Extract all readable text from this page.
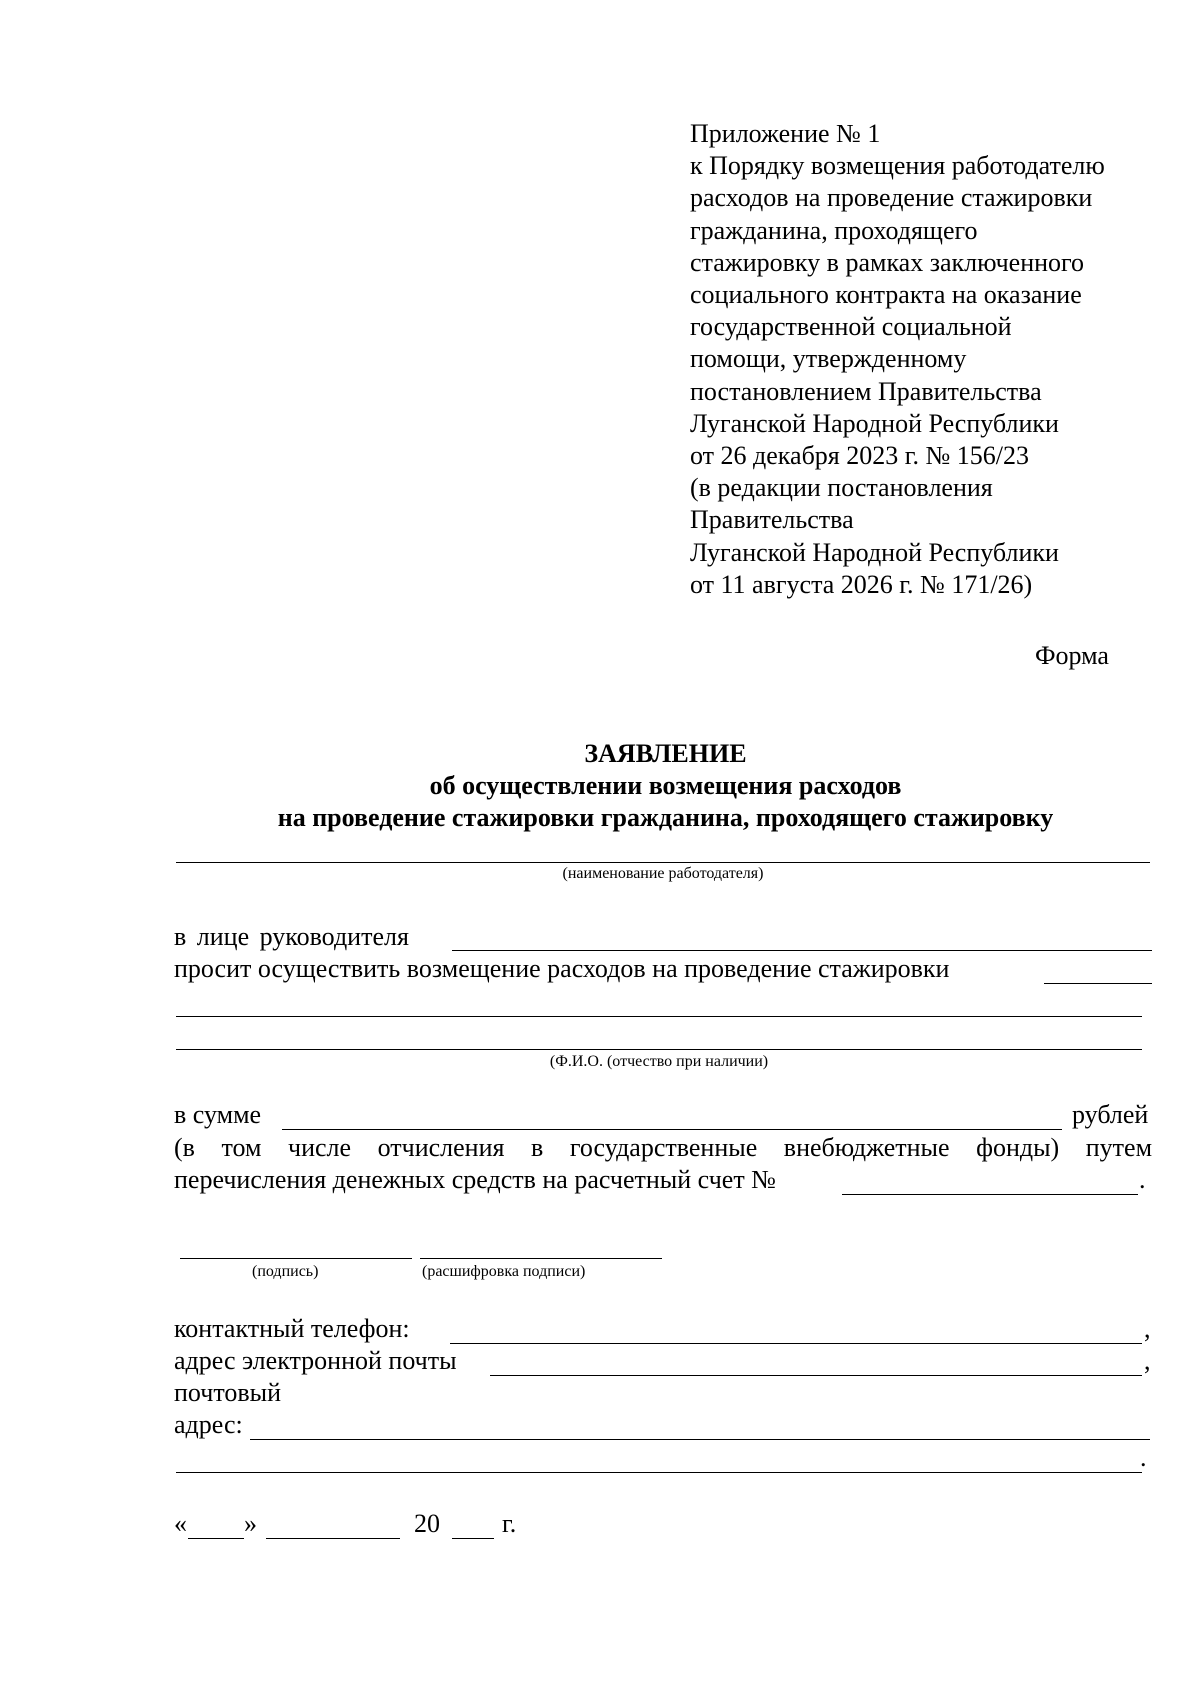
Приложение № 1
к Порядку возмещения работодателю
расходов на проведение стажировки
гражданина, проходящего
стажировку в рамках заключенного
социального контракта на оказание
государственной социальной
помощи, утвержденному
постановлением Правительства
Луганской Народной Республики
от 26 декабря 2023 г. № 156/23
(в редакции постановления
Правительства
Луганской Народной Республики
от 11 августа 2026 г. № 171/26)
Форма
ЗАЯВЛЕНИЕ
об осуществлении возмещения расходов
на проведение стажировки гражданина, проходящего стажировку
(наименование работодателя)
в лице руководителя
просит осуществить возмещение расходов на проведение стажировки
(Ф.И.О. (отчество при наличии)
в сумме	рублей
(в том числе отчисления в государственные внебюджетные фонды) путем
перечисления денежных средств на расчетный счет №	.
(подпись)	(расшифровка подписи)
контактный телефон:	,
адрес электронной почты	,
почтовый
адрес:
.
« »	20 г.
